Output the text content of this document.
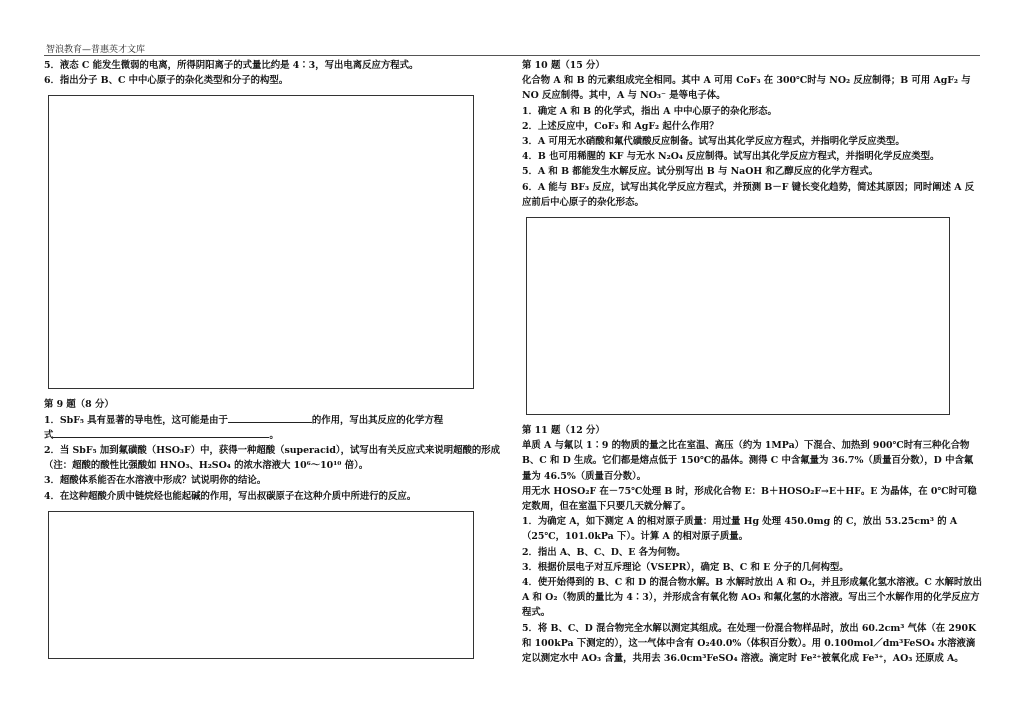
智浪教育—普惠英才文库

5．液态 C 能发生微弱的电离，所得阴阳离子的式量比约是 4∶3，写出电离反应方程式。

6．指出分子 B、C 中中心原子的杂化类型和分子的构型。

第 9 题（8 分）

1．SbF₅ 具有显著的导电性，这可能是由于	的作用，写出其反应的化学方程

式	。

2．当 SbF₅ 加到氟磺酸（HSO₃F）中，获得一种超酸（superacid），试写出有关反应式来说明超酸的形成（注：超酸的酸性比强酸如 HNO₃、H₂SO₄ 的浓水溶液大 10⁶～10¹⁰ 倍）。

3．超酸体系能否在水溶液中形成？试说明你的结论。

4．在这种超酸介质中链烷烃也能起碱的作用，写出叔碳原子在这种介质中所进行的反应。

第 10 题（15 分）

化合物 A 和 B 的元素组成完全相同。其中 A 可用 CoF₃ 在 300℃时与 NO₂ 反应制得；B 可用 AgF₂ 与 NO 反应制得。其中，A 与 NO₃⁻ 是等电子体。

1．确定 A 和 B 的化学式，指出 A 中中心原子的杂化形态。

2．上述反应中，CoF₃ 和 AgF₂ 起什么作用？

3．A 可用无水硝酸和氟代磺酸反应制备。试写出其化学反应方程式，并指明化学反应类型。

4．B 也可用稀腥的 KF 与无水 N₂O₄ 反应制得。试写出其化学反应方程式，并指明化学反应类型。

5．A 和 B 都能发生水解反应。试分别写出 B 与 NaOH 和乙醇反应的化学方程式。

6．A 能与 BF₃ 反应，试写出其化学反应方程式，并预测 B－F 键长变化趋势，简述其原因；同时阐述 A 反应前后中心原子的杂化形态。

第 11 题（12 分）

单质 A 与氟以 1∶9 的物质的量之比在室温、高压（约为 1MPa）下混合、加热到 900℃时有三种化合物 B、C 和 D 生成。它们都是熔点低于 150℃的晶体。测得 C 中含氟量为 36.7%（质量百分数），D 中含氟量为 46.5%（质量百分数）。

用无水 HOSO₂F 在－75℃处理 B 时，形成化合物 E：B＋HOSO₂F→E＋HF。E 为晶体，在 0℃时可稳定数周，但在室温下只要几天就分解了。

1．为确定 A，如下测定 A 的相对原子质量：用过量 Hg 处理 450.0mg 的 C，放出 53.25cm³ 的 A（25℃，101.0kPa 下）。计算 A 的相对原子质量。

2．指出 A、B、C、D、E 各为何物。

3．根据价层电子对互斥理论（VSEPR），确定 B、C 和 E 分子的几何构型。

4．使开始得到的 B、C 和 D 的混合物水解。B 水解时放出 A 和 O₂，并且形成氟化氢水溶液。C 水解时放出 A 和 O₂（物质的量比为 4∶3），并形成含有氧化物 AO₃ 和氟化氢的水溶液。写出三个水解作用的化学反应方程式。

5．将 B、C、D 混合物完全水解以测定其组成。在处理一份混合物样品时，放出 60.2cm³ 气体（在 290K 和 100kPa 下测定的），这一气体中含有 O₂40.0%（体积百分数）。用 0.100mol／dm³FeSO₄ 水溶液滴定以测定水中 AO₃ 含量，共用去 36.0cm³FeSO₄ 溶液。滴定时 Fe²⁺被氧化成 Fe³⁺，AO₃ 还原成 A。
